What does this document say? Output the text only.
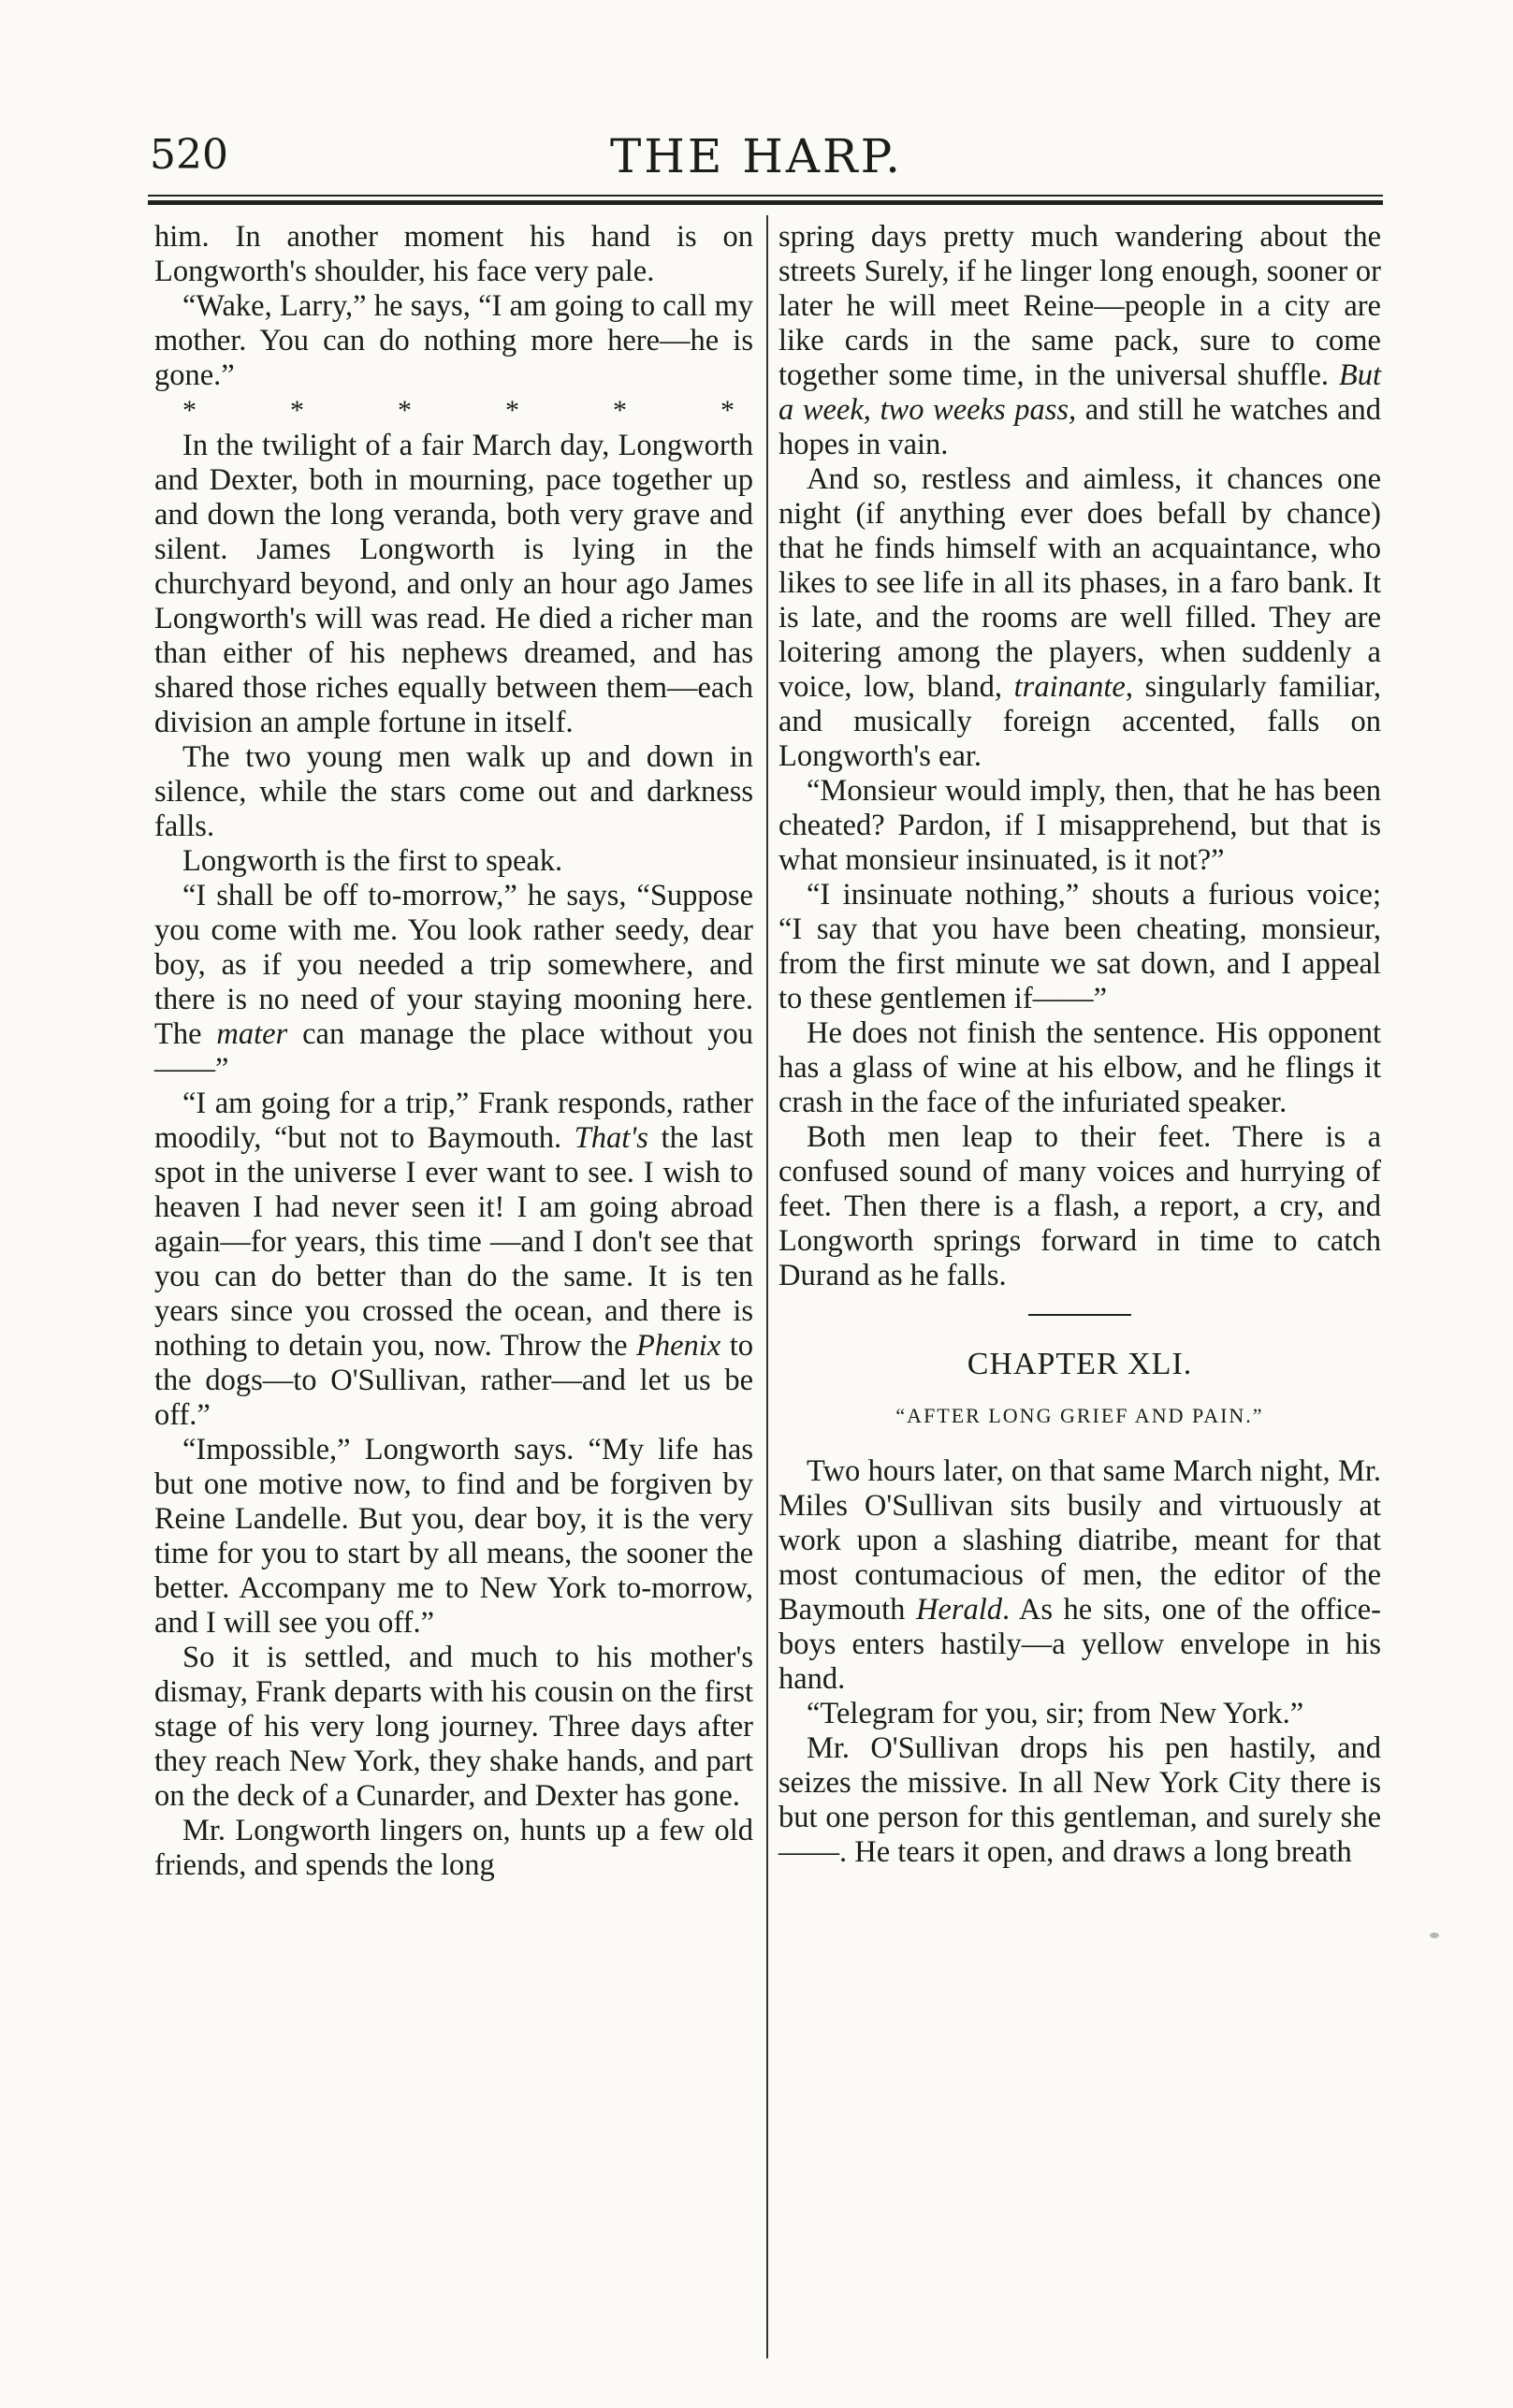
520	THE HARP.

him. In another moment his hand is on Longworth's shoulder, his face very pale.

“Wake, Larry,” he says, “I am going to call my mother. You can do nothing more here—he is gone.”

*	*	*	*	*	*

In the twilight of a fair March day, Longworth and Dexter, both in mourning, pace together up and down the long veranda, both very grave and silent. James Longworth is lying in the churchyard beyond, and only an hour ago James Longworth's will was read. He died a richer man than either of his nephews dreamed, and has shared those riches equally between them—each division an ample fortune in itself.

The two young men walk up and down in silence, while the stars come out and darkness falls.

Longworth is the first to speak.

“I shall be off to-morrow,” he says, “Suppose you come with me. You look rather seedy, dear boy, as if you needed a trip somewhere, and there is no need of your staying mooning here. The mater can manage the place without you ——”

“I am going for a trip,” Frank responds, rather moodily, “but not to Baymouth. That's the last spot in the universe I ever want to see. I wish to heaven I had never seen it! I am going abroad again—for years, this time —and I don't see that you can do better than do the same. It is ten years since you crossed the ocean, and there is nothing to detain you, now. Throw the Phenix to the dogs—to O'Sullivan, rather—and let us be off.”

“Impossible,” Longworth says. “My life has but one motive now, to find and be forgiven by Reine Landelle. But you, dear boy, it is the very time for you to start by all means, the sooner the better. Accompany me to New York to-morrow, and I will see you off.”

So it is settled, and much to his mother's dismay, Frank departs with his cousin on the first stage of his very long journey. Three days after they reach New York, they shake hands, and part on the deck of a Cunarder, and Dexter has gone.

Mr. Longworth lingers on, hunts up a few old friends, and spends the long

spring days pretty much wandering about the streets Surely, if he linger long enough, sooner or later he will meet Reine—people in a city are like cards in the same pack, sure to come together some time, in the universal shuffle. But a week, two weeks pass, and still he watches and hopes in vain.

And so, restless and aimless, it chances one night (if anything ever does befall by chance) that he finds himself with an acquaintance, who likes to see life in all its phases, in a faro bank. It is late, and the rooms are well filled. They are loitering among the players, when suddenly a voice, low, bland, trainante, singularly familiar, and musically foreign accented, falls on Longworth's ear.

“Monsieur would imply, then, that he has been cheated? Pardon, if I misapprehend, but that is what monsieur insinuated, is it not?”

“I insinuate nothing,” shouts a furious voice; “I say that you have been cheating, monsieur, from the first minute we sat down, and I appeal to these gentlemen if——”

He does not finish the sentence. His opponent has a glass of wine at his elbow, and he flings it crash in the face of the infuriated speaker.

Both men leap to their feet. There is a confused sound of many voices and hurrying of feet. Then there is a flash, a report, a cry, and Longworth springs forward in time to catch Durand as he falls.

CHAPTER XLI.
“AFTER LONG GRIEF AND PAIN.”

Two hours later, on that same March night, Mr. Miles O'Sullivan sits busily and virtuously at work upon a slashing diatribe, meant for that most contumacious of men, the editor of the Baymouth Herald. As he sits, one of the office-boys enters hastily—a yellow envelope in his hand.

“Telegram for you, sir; from New York.”

Mr. O'Sullivan drops his pen hastily, and seizes the missive. In all New York City there is but one person for this gentleman, and surely she——. He tears it open, and draws a long breath
